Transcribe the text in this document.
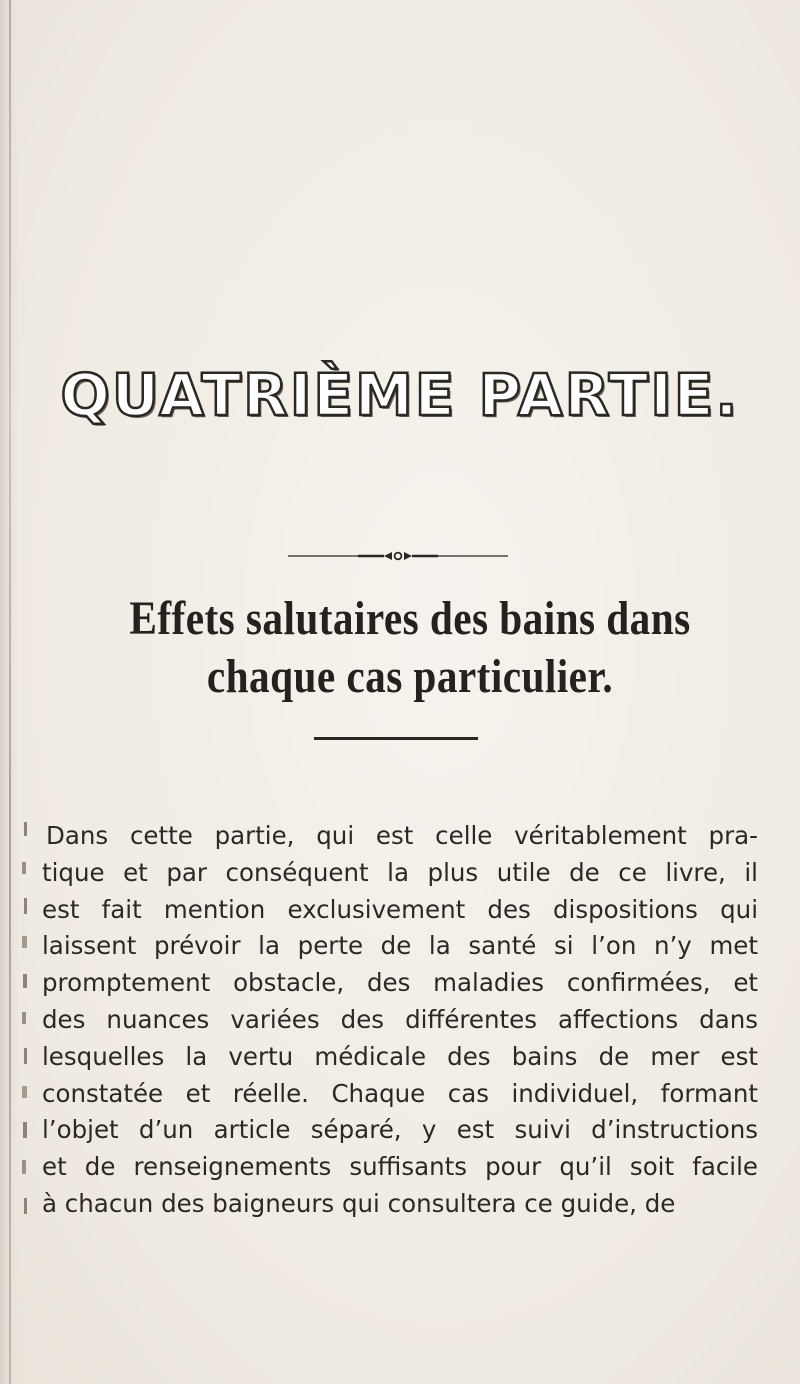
QUATRIÈME PARTIE.
Effets salutaires des bains dans chaque cas particulier.
Dans cette partie, qui est celle véritablement pra-
tique et par conséquent la plus utile de ce livre, il
est fait mention exclusivement des dispositions qui
laissent prévoir la perte de la santé si l’on n’y met
promptement obstacle, des maladies confirmées, et
des nuances variées des différentes affections dans
lesquelles la vertu médicale des bains de mer est
constatée et réelle. Chaque cas individuel, formant
l’objet d’un article séparé, y est suivi d’instructions
et de renseignements suffisants pour qu’il soit facile
à chacun des baigneurs qui consultera ce guide, de
